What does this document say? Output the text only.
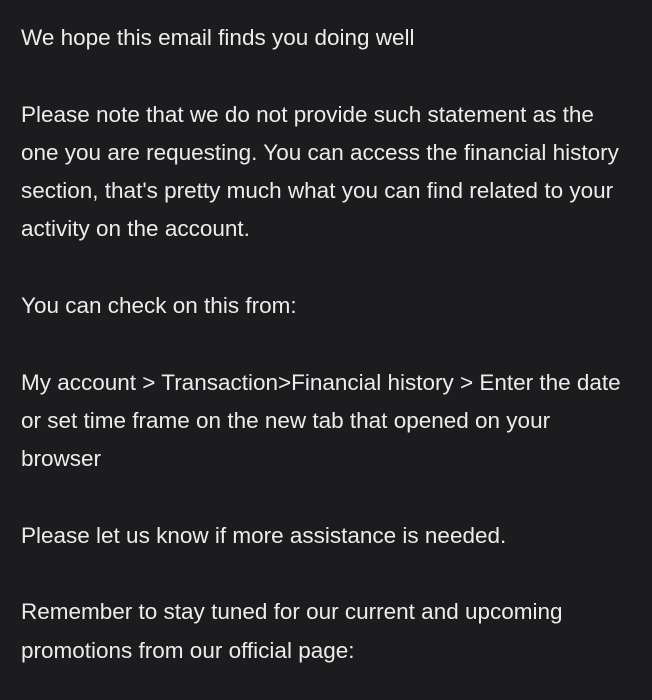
We hope this email finds you doing well

Please note that we do not provide such statement as the one you are requesting. You can access the financial history section, that's pretty much what you can find related to your activity on the account.

You can check on this from:

My account > Transaction>Financial history > Enter the date or set time frame on the new tab that opened on your browser

Please let us know if more assistance is needed.

Remember to stay tuned for our current and upcoming promotions from our official page:
